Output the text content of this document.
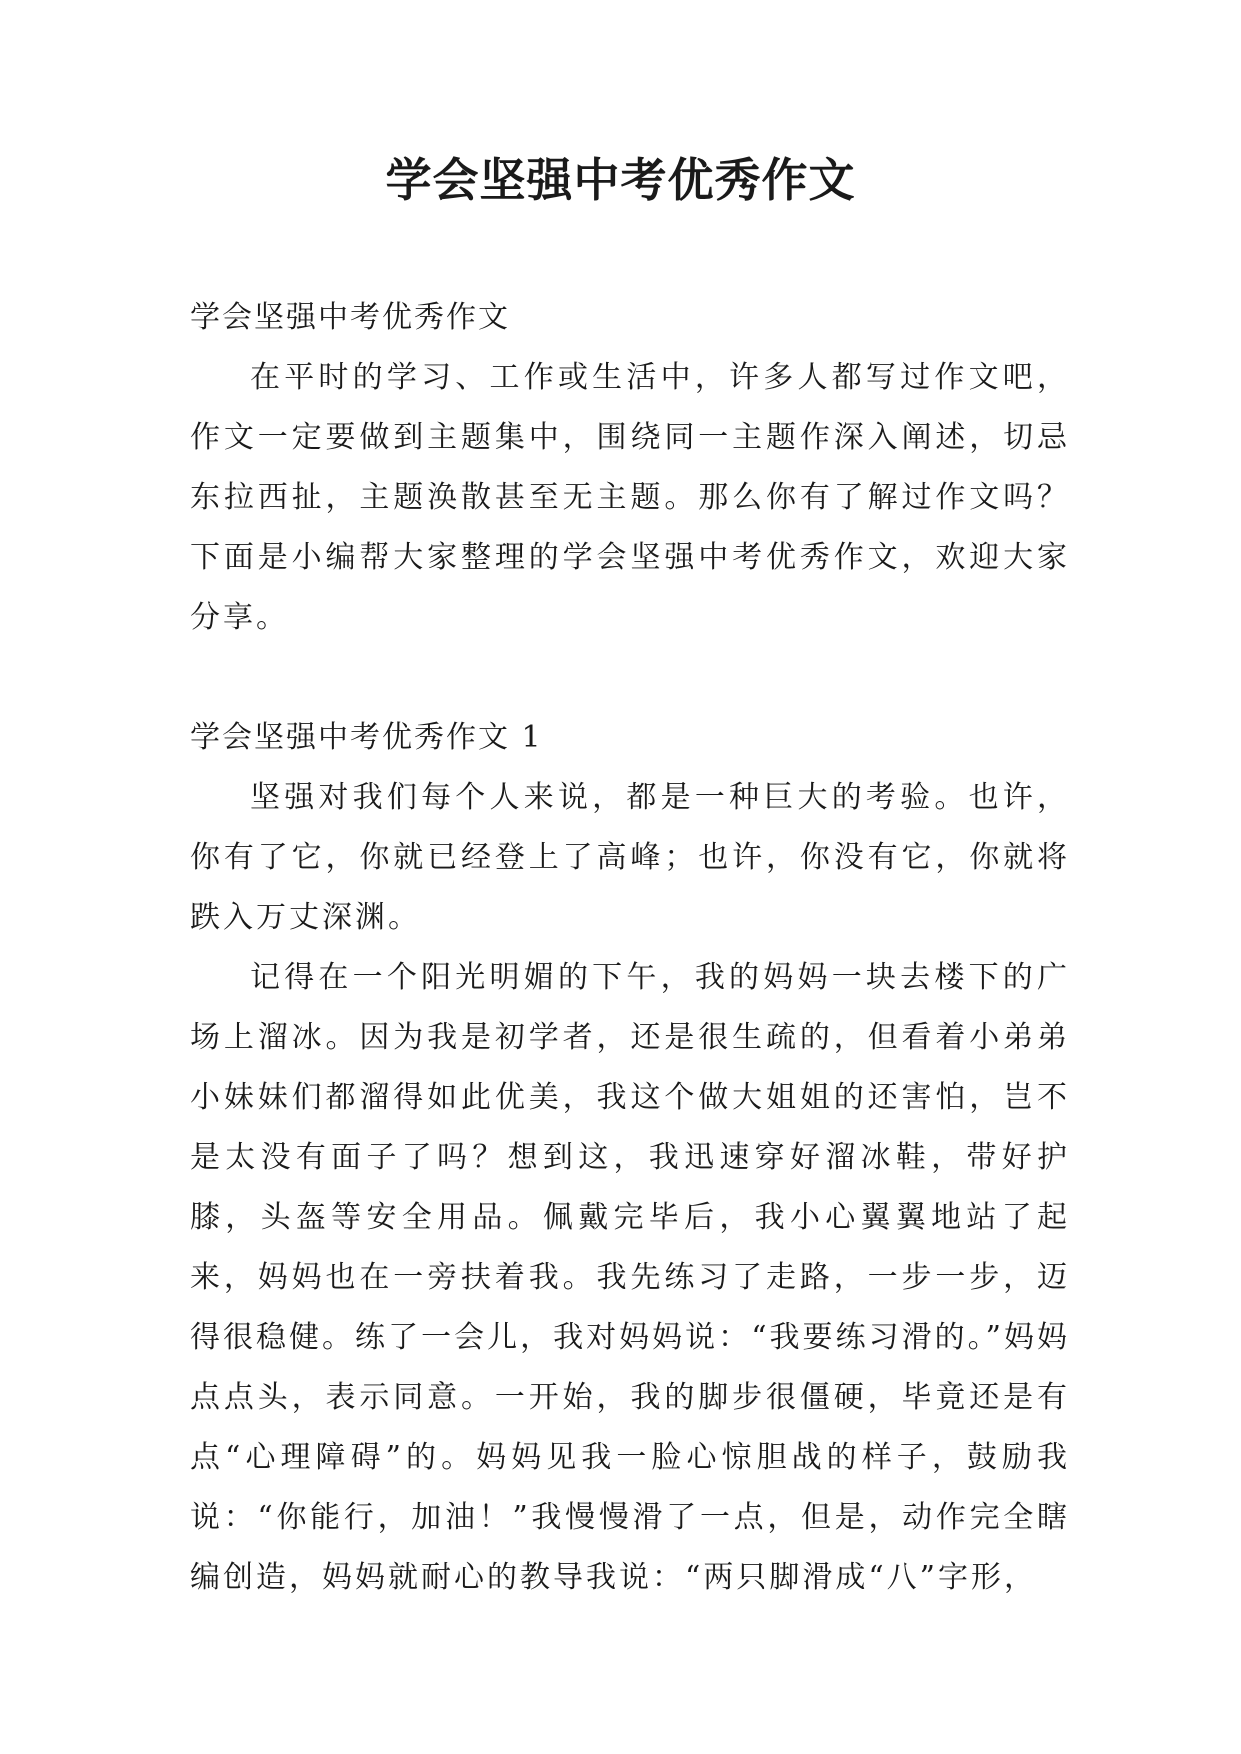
学会坚强中考优秀作文

学会坚强中考优秀作文

在平时的学习、工作或生活中，许多人都写过作文吧，作文一定要做到主题集中，围绕同一主题作深入阐述，切忌东拉西扯，主题涣散甚至无主题。那么你有了解过作文吗？下面是小编帮大家整理的学会坚强中考优秀作文，欢迎大家分享。

学会坚强中考优秀作文 1

坚强对我们每个人来说，都是一种巨大的考验。也许，你有了它，你就已经登上了高峰；也许，你没有它，你就将跌入万丈深渊。

记得在一个阳光明媚的下午，我的妈妈一块去楼下的广场上溜冰。因为我是初学者，还是很生疏的，但看着小弟弟小妹妹们都溜得如此优美，我这个做大姐姐的还害怕，岂不是太没有面子了吗？想到这，我迅速穿好溜冰鞋，带好护膝，头盔等安全用品。佩戴完毕后，我小心翼翼地站了起来，妈妈也在一旁扶着我。我先练习了走路，一步一步，迈得很稳健。练了一会儿，我对妈妈说：“我要练习滑的。”妈妈点点头，表示同意。一开始，我的脚步很僵硬，毕竟还是有点“心理障碍”的。妈妈见我一脸心惊胆战的样子，鼓励我说：“你能行，加油！”我慢慢滑了一点，但是，动作完全瞎编创造，妈妈就耐心的教导我说：“两只脚滑成“八”字形，
